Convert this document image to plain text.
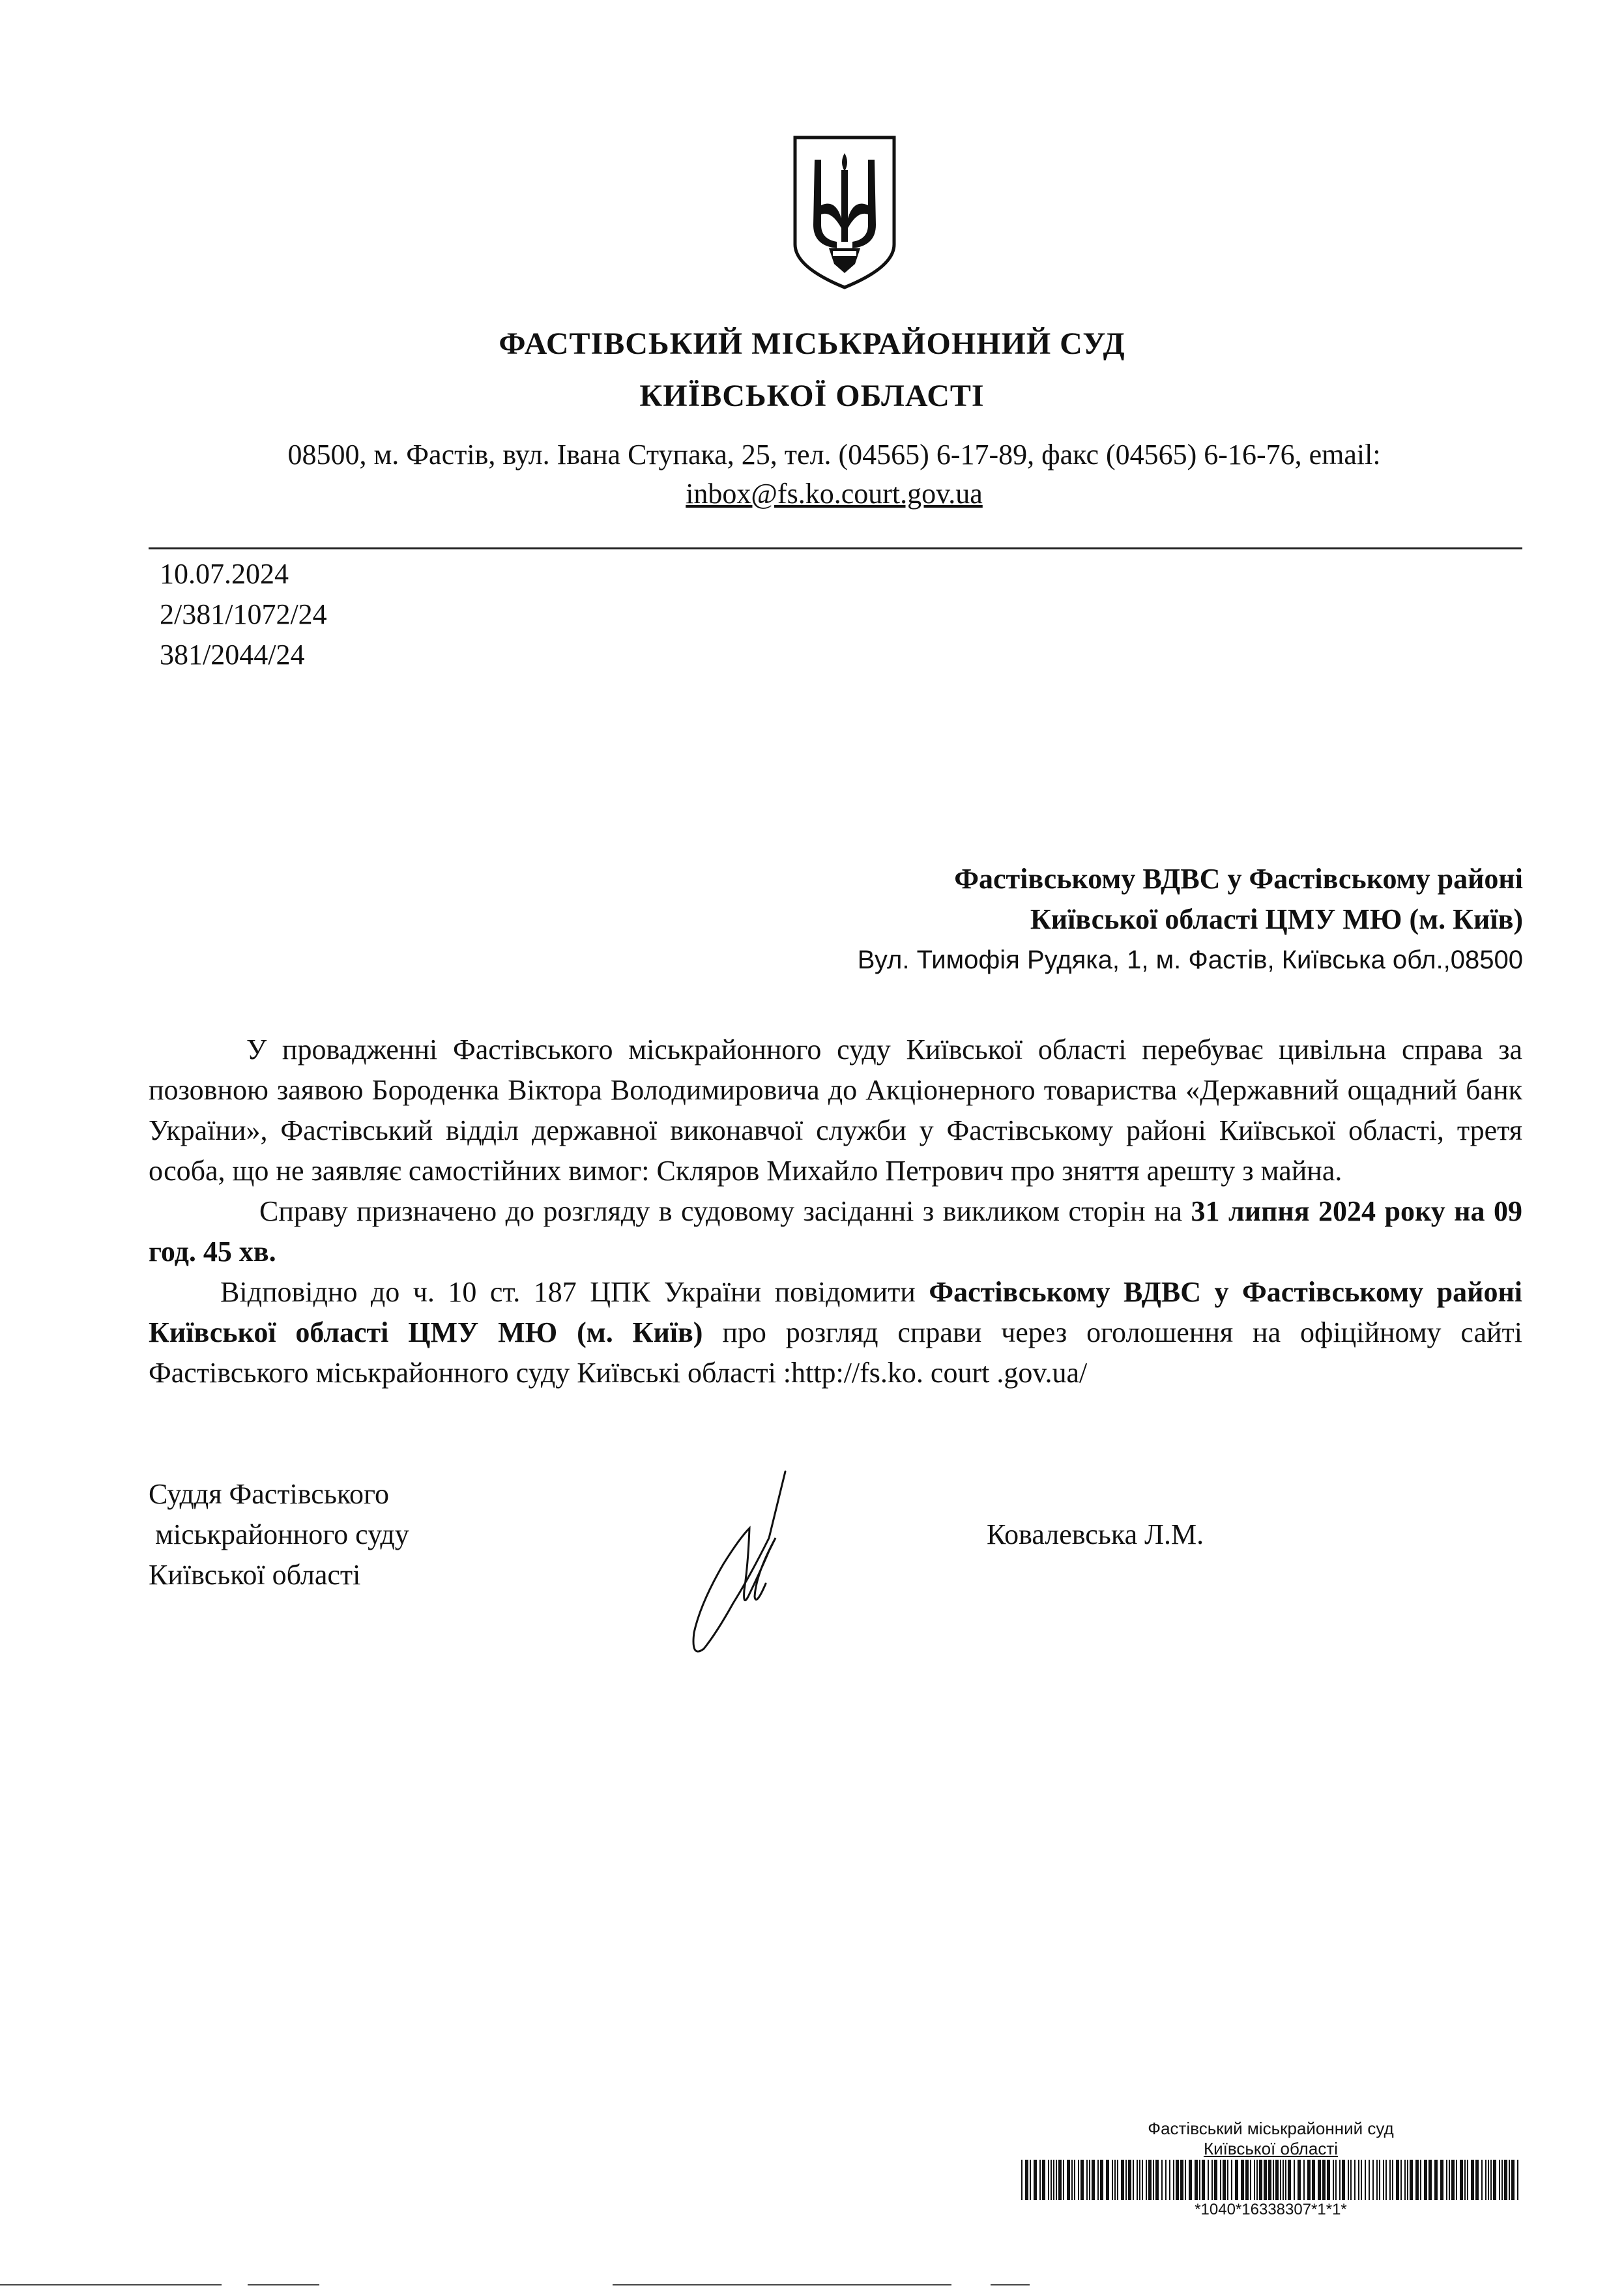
ФАСТІВСЬКИЙ МІСЬКРАЙОННИЙ СУД
КИЇВСЬКОЇ ОБЛАСТІ
08500, м. Фастів, вул. Івана Ступака, 25, тел. (04565) 6-17-89, факс (04565) 6-16-76, email:
inbox@fs.ko.court.gov.ua
10.07.2024
2/381/1072/24
381/2044/24
Фастівському ВДВС у Фастівському районі
Київської області ЦМУ МЮ (м. Київ)
Вул. Тимофія Рудяка, 1, м. Фастів, Київська обл.,08500

У провадженні Фастівського міськрайонного суду Київської області перебуває цивільна справа за позовною заявою Бороденка Віктора Володимировича до Акціонерного товариства «Державний ощадний банк України», Фастівський відділ державної виконавчої служби у Фастівському районі Київської області, третя особа, що не заявляє самостійних вимог: Скляров Михайло Петрович про зняття арешту з майна.

Справу призначено до розгляду в судовому засіданні з викликом сторін на 31 липня 2024 року на 09 год. 45 хв.

Відповідно до ч. 10 ст. 187 ЦПК України повідомити Фастівському ВДВС у Фастівському районі Київської області ЦМУ МЮ (м. Київ) про розгляд справи через оголошення на офіційному сайті Фастівського міськрайонного суду Київські області :http://fs.ko. court .gov.ua/

Суддя Фастівського
міськрайонного суду
Київської області
Ковалевська Л.М.
Фастівський міськрайонний суд
Київської області
*1040*16338307*1*1*
